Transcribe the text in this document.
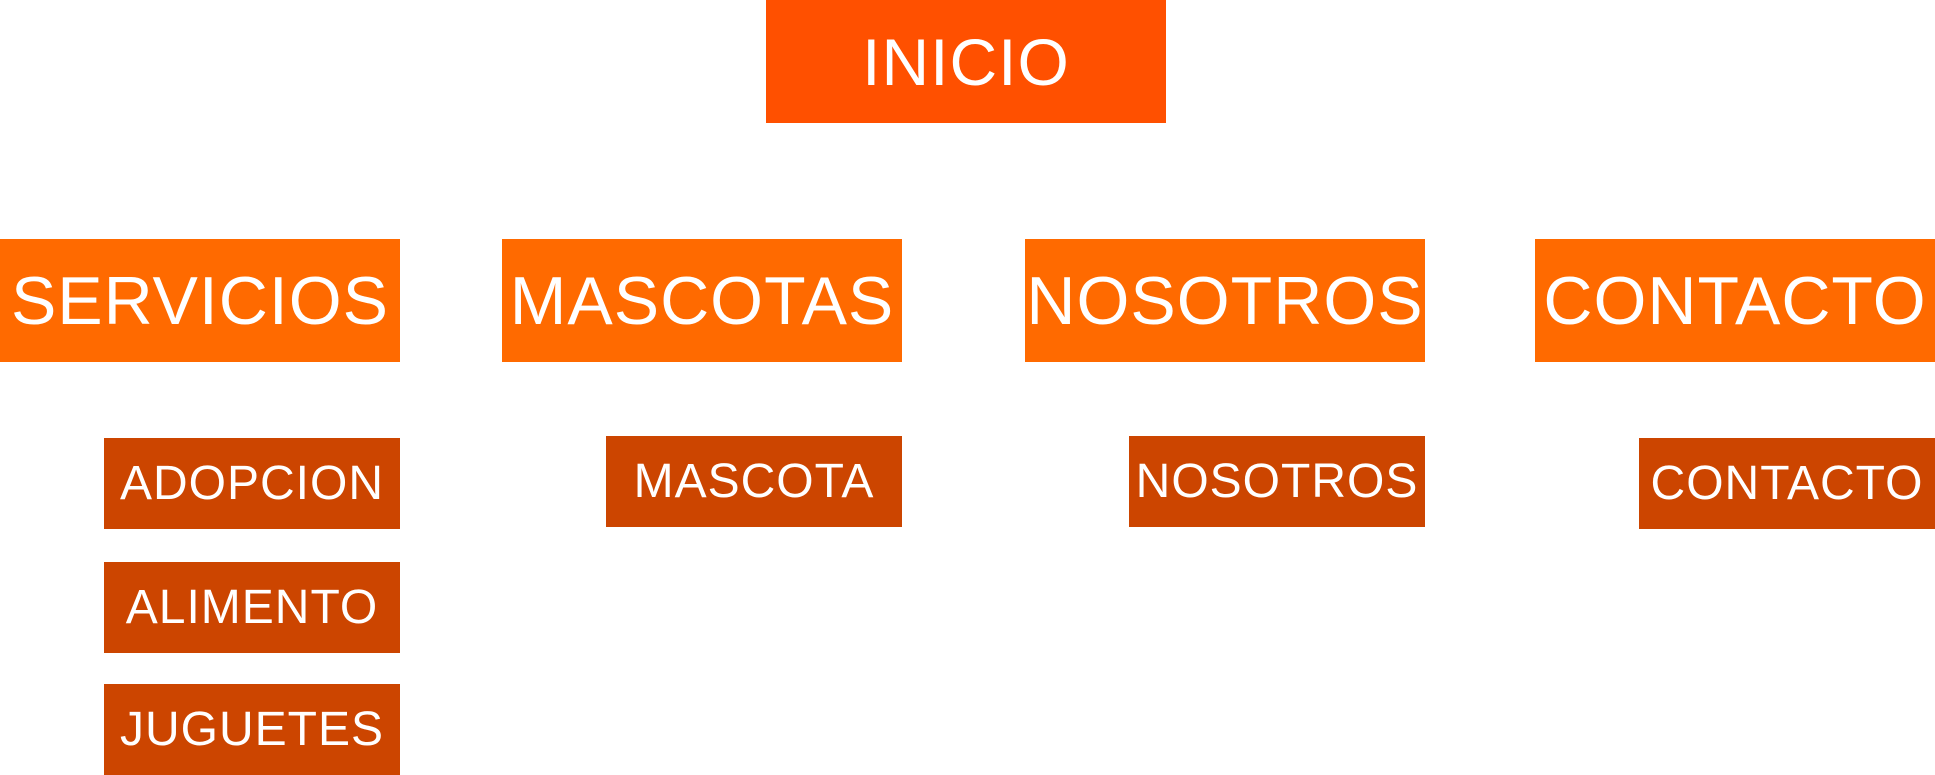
INICIO
SERVICIOS MASCOTAS NOSOTROS CONTACTO
ADOPCION
ALIMENTO
JUGUETES
MASCOTA	NOSOTROS	CONTACTO
